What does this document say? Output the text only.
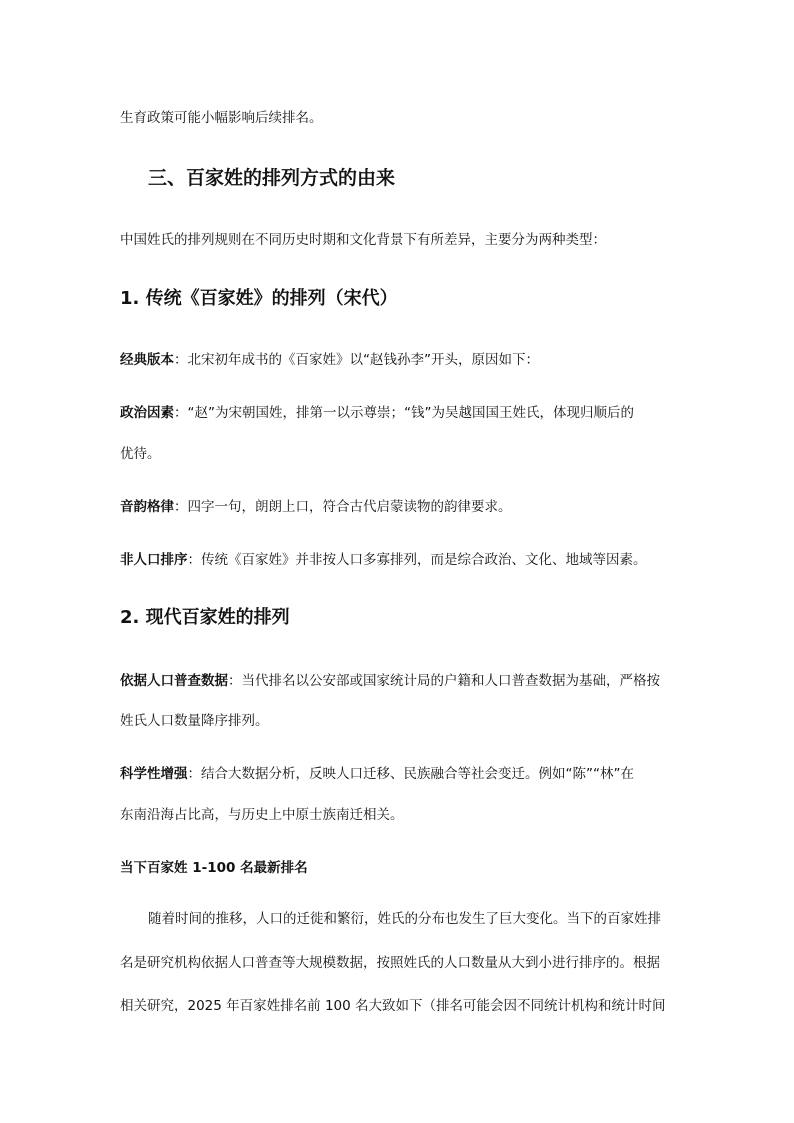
生育政策可能小幅影响后续排名。
三、百家姓的排列方式的由来
中国姓氏的排列规则在不同历史时期和文化背景下有所差异，主要分为两种类型：
1. 传统《百家姓》的排列（宋代）
经典版本：北宋初年成书的《百家姓》以“赵钱孙李”开头，原因如下：
政治因素：“赵”为宋朝国姓，排第一以示尊崇；“钱”为吴越国国王姓氏，体现归顺后的
优待。
音韵格律：四字一句，朗朗上口，符合古代启蒙读物的韵律要求。
非人口排序：传统《百家姓》并非按人口多寡排列，而是综合政治、文化、地域等因素。
2. 现代百家姓的排列
依据人口普查数据：当代排名以公安部或国家统计局的户籍和人口普查数据为基础，严格按
姓氏人口数量降序排列。
科学性增强：结合大数据分析，反映人口迁移、民族融合等社会变迁。例如“陈”“林”在
东南沿海占比高，与历史上中原士族南迁相关。
当下百家姓 1-100 名最新排名
随着时间的推移，人口的迁徙和繁衍，姓氏的分布也发生了巨大变化。当下的百家姓排
名是研究机构依据人口普查等大规模数据，按照姓氏的人口数量从大到小进行排序的。根据
相关研究，2025 年百家姓排名前 100 名大致如下（排名可能会因不同统计机构和统计时间
